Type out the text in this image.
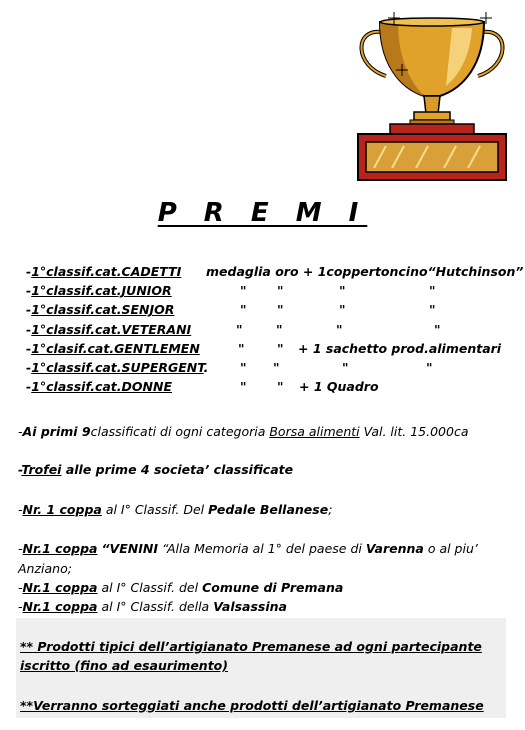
P R E M I
-1°classif.cat.CADETTI medaglia oro + 1coppertoncino“Hutchinson”
-1°classif.cat.JUNIOR	" "	"	"
-1°classif.cat.SENJOR	" "	"	"
-1°classif.cat.VETERANI	"	"	"	"
-1°clasif.cat.GENTLEMEN	"	" + 1 sachetto prod.alimentari
-1°classif.cat.SUPERGENT.	" "	"	"
-1°classif.cat.DONNE	" " + 1 Quadro
-Ai primi 9classificati di ogni categoria Borsa alimenti Val. lit. 15.000ca
-Trofei alle prime 4 societa’ classificate
-Nr. 1 coppa al I° Classif. Del Pedale Bellanese;
-Nr.1 coppa “VENINI “Alla Memoria al 1° del paese di Varenna o al piu’
Anziano;
-Nr.1 coppa al I° Classif. del Comune di Premana
-Nr.1 coppa al I° Classif. della Valsassina
** Prodotti tipici dell’artigianato Premanese ad ogni partecipante
iscritto (fino ad esaurimento)
**Verranno sorteggiati anche prodotti dell’artigianato Premanese
